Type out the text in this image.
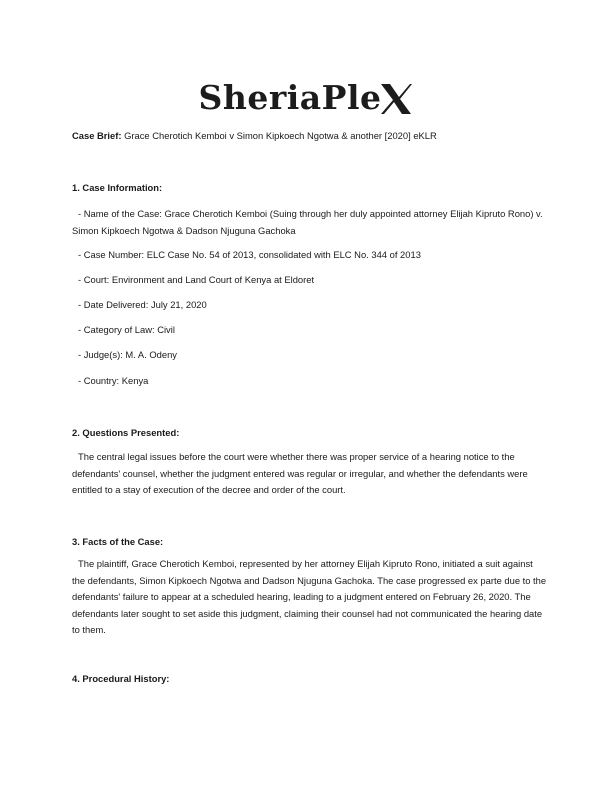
SheriaPle
Case Brief: Grace Cherotich Kemboi v Simon Kipkoech Ngotwa & another [2020] eKLR
1. Case Information:
- Name of the Case: Grace Cherotich Kemboi (Suing through her duly appointed attorney Elijah Kipruto Rono) v. Simon Kipkoech Ngotwa & Dadson Njuguna Gachoka
- Case Number: ELC Case No. 54 of 2013, consolidated with ELC No. 344 of 2013
- Court: Environment and Land Court of Kenya at Eldoret
- Date Delivered: July 21, 2020
- Category of Law: Civil
- Judge(s): M. A. Odeny
- Country: Kenya
2. Questions Presented:
The central legal issues before the court were whether there was proper service of a hearing notice to the defendants' counsel, whether the judgment entered was regular or irregular, and whether the defendants were entitled to a stay of execution of the decree and order of the court.
3. Facts of the Case:
The plaintiff, Grace Cherotich Kemboi, represented by her attorney Elijah Kipruto Rono, initiated a suit against the defendants, Simon Kipkoech Ngotwa and Dadson Njuguna Gachoka. The case progressed ex parte due to the defendants' failure to appear at a scheduled hearing, leading to a judgment entered on February 26, 2020. The defendants later sought to set aside this judgment, claiming their counsel had not communicated the hearing date to them.
4. Procedural History:
